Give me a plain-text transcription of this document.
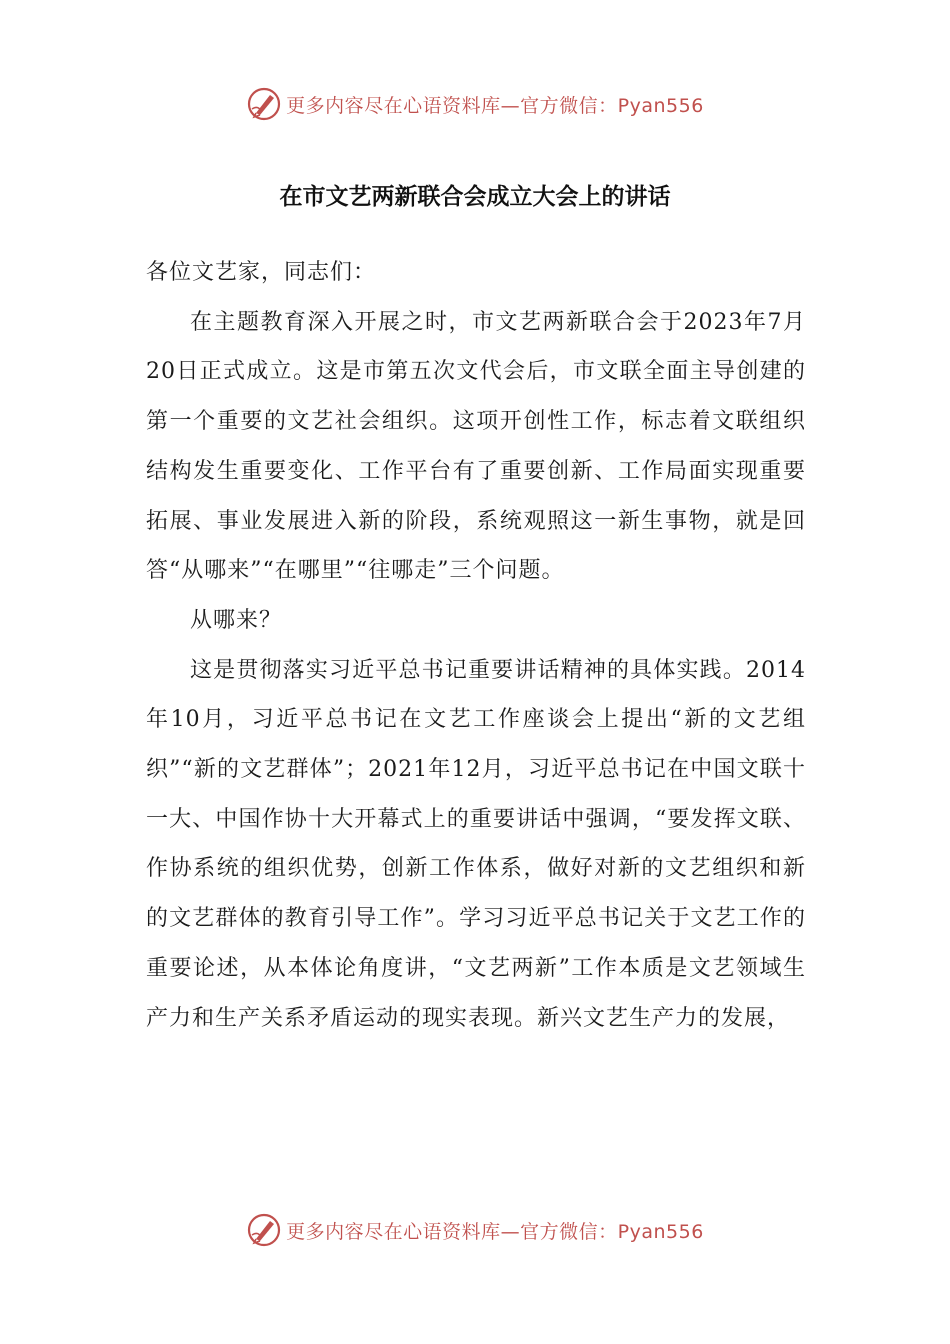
更多内容尽在心语资料库—官方微信：Pyan556
在市文艺两新联合会成立大会上的讲话

各位文艺家，同志们：

在主题教育深入开展之时，市文艺两新联合会于2023年7月20日正式成立。这是市第五次文代会后，市文联全面主导创建的第一个重要的文艺社会组织。这项开创性工作，标志着文联组织结构发生重要变化、工作平台有了重要创新、工作局面实现重要拓展、事业发展进入新的阶段，系统观照这一新生事物，就是回答“从哪来”“在哪里”“往哪走”三个问题。

从哪来？

这是贯彻落实习近平总书记重要讲话精神的具体实践。2014年10月，习近平总书记在文艺工作座谈会上提出“新的文艺组织”“新的文艺群体”；2021年12月，习近平总书记在中国文联十一大、中国作协十大开幕式上的重要讲话中强调，“要发挥文联、作协系统的组织优势，创新工作体系，做好对新的文艺组织和新的文艺群体的教育引导工作”。学习习近平总书记关于文艺工作的重要论述，从本体论角度讲，“文艺两新”工作本质是文艺领域生产力和生产关系矛盾运动的现实表现。新兴文艺生产力的发展，

更多内容尽在心语资料库—官方微信：Pyan556
